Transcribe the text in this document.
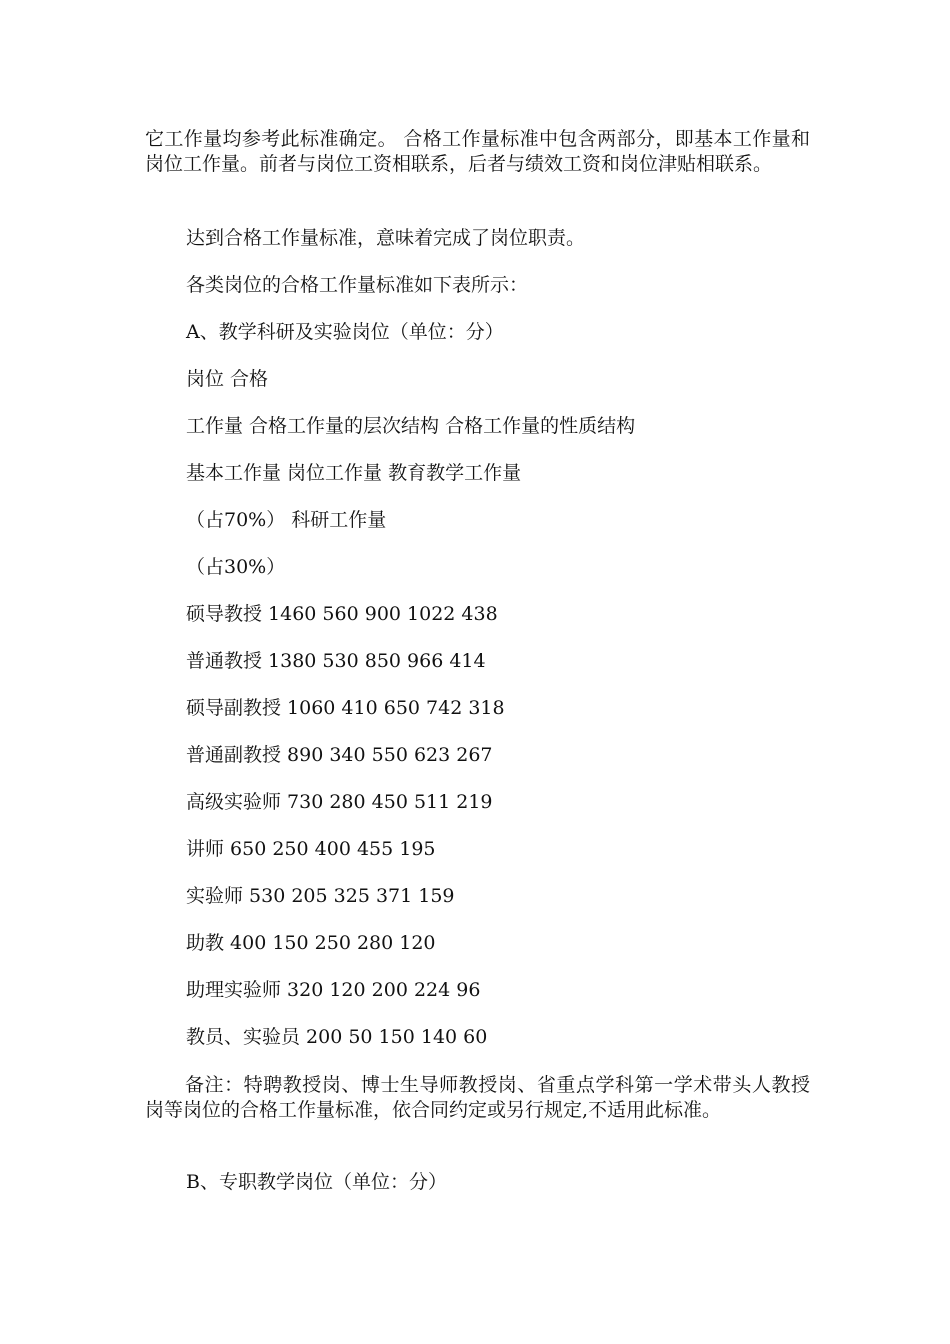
它工作量均参考此标准确定。 合格工作量标准中包含两部分，即基本工作量和岗位工作量。前者与岗位工资相联系，后者与绩效工资和岗位津贴相联系。

达到合格工作量标准，意味着完成了岗位职责。

各类岗位的合格工作量标准如下表所示：

A、教学科研及实验岗位（单位：分）

岗位 合格

工作量 合格工作量的层次结构 合格工作量的性质结构

基本工作量 岗位工作量 教育教学工作量

（占70%） 科研工作量

（占30%）

硕导教授 1460 560 900 1022 438

普通教授 1380 530 850 966 414

硕导副教授 1060 410 650 742 318

普通副教授 890 340 550 623 267

高级实验师 730 280 450 511 219

讲师 650 250 400 455 195

实验师 530 205 325 371 159

助教 400 150 250 280 120

助理实验师 320 120 200 224 96

教员、实验员 200 50 150 140 60

备注：特聘教授岗、博士生导师教授岗、省重点学科第一学术带头人教授岗等岗位的合格工作量标准，依合同约定或另行规定,不适用此标准。

B、专职教学岗位（单位：分）
